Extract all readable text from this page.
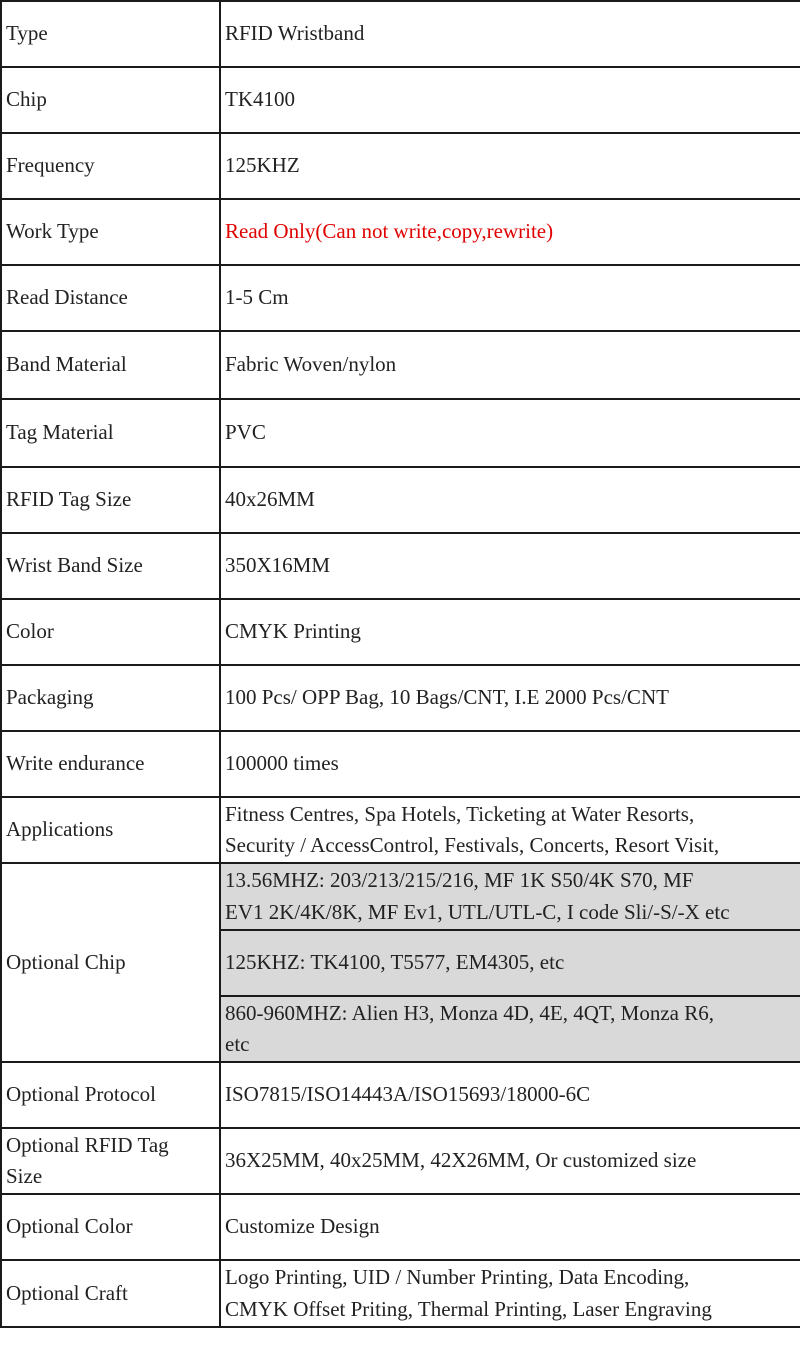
Type	RFID Wristband
Chip	TK4100
Frequency	125KHZ
Work Type	Read Only(Can not write,copy,rewrite)
Read Distance	1-5 Cm
Band Material	Fabric Woven/nylon
Tag Material	PVC
RFID Tag Size	40x26MM
Wrist Band Size	350X16MM
Color	CMYK Printing
Packaging	100 Pcs/ OPP Bag, 10 Bags/CNT, I.E 2000 Pcs/CNT
Write endurance	100000 times
Applications	Fitness Centres, Spa Hotels, Ticketing at Water Resorts,
Security / AccessControl, Festivals, Concerts, Resort Visit,

Optional Chip	13.56MHZ: 203/213/215/216, MF 1K S50/4K S70, MF
EV1 2K/4K/8K, MF Ev1, UTL/UTL-C, I code Sli/-S/-X etc

	125KHZ: TK4100, T5577, EM4305, etc

	860-960MHZ: Alien H3, Monza 4D, 4E, 4QT, Monza R6,
etc

Optional Protocol	ISO7815/ISO14443A/ISO15693/18000-6C

Optional RFID Tag
Size	36X25MM, 40x25MM, 42X26MM, Or customized size
Optional Color	Customize Design
Optional Craft	Logo Printing, UID / Number Printing, Data Encoding,
CMYK Offset Priting, Thermal Printing, Laser Engraving
